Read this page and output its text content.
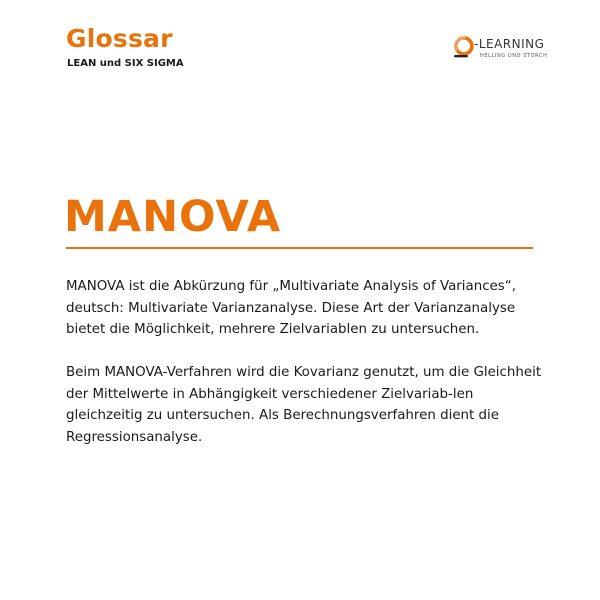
Glossar
LEAN und SIX SIGMA
-LEARNING
HELLING UND STORCH
MANOVA

MANOVA ist die Abkürzung für „Multivariate Analysis of Variances“, deutsch: Multivariate Varianzanalyse. Diese Art der Varianzanalyse bietet die Möglichkeit, mehrere Zielvariablen zu untersuchen.

Beim MANOVA-Verfahren wird die Kovarianz genutzt, um die Gleichheit der Mittelwerte in Abhängigkeit verschiedener Zielvariab-len gleichzeitig zu untersuchen. Als Berechnungsverfahren dient die Regressionsanalyse.
